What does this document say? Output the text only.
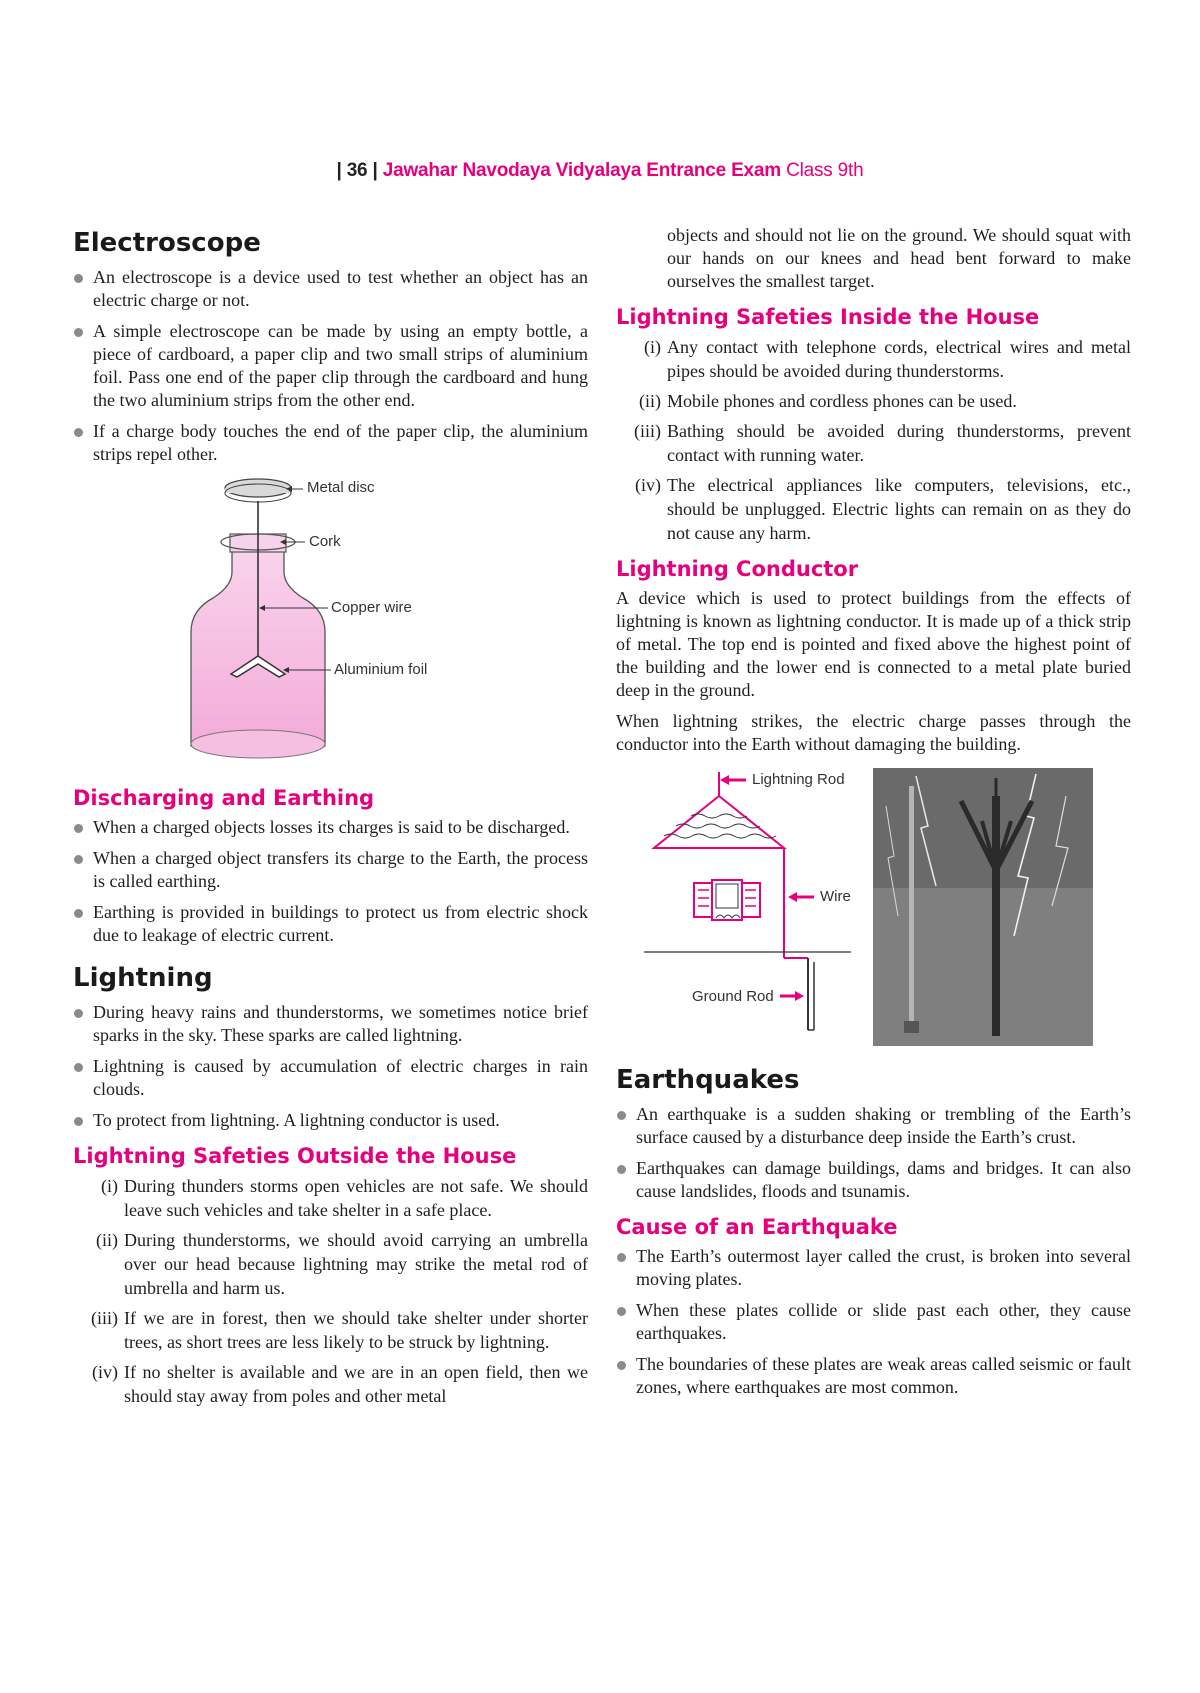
| 36 | Jawahar Navodaya Vidyalaya Entrance Exam Class 9th
Electroscope
An electroscope is a device used to test whether an object has an electric charge or not.
A simple electroscope can be made by using an empty bottle, a piece of cardboard, a paper clip and two small strips of aluminium foil. Pass one end of the paper clip through the cardboard and hung the two aluminium strips from the other end.
If a charge body touches the end of the paper clip, the aluminium strips repel other.
Metal disc
Cork
Copper wire
Aluminium foil
Discharging and Earthing
When a charged objects losses its charges is said to be discharged.
When a charged object transfers its charge to the Earth, the process is called earthing.
Earthing is provided in buildings to protect us from electric shock due to leakage of electric current.
Lightning
During heavy rains and thunderstorms, we sometimes notice brief sparks in the sky. These sparks are called lightning.
Lightning is caused by accumulation of electric charges in rain clouds.
To protect from lightning. A lightning conductor is used.
Lightning Safeties Outside the House
(i) During thunders storms open vehicles are not safe. We should leave such vehicles and take shelter in a safe place.
(ii) During thunderstorms, we should avoid carrying an umbrella over our head because lightning may strike the metal rod of umbrella and harm us.
(iii) If we are in forest, then we should take shelter under shorter trees, as short trees are less likely to be struck by lightning.
(iv) If no shelter is available and we are in an open field, then we should stay away from poles and other metal

objects and should not lie on the ground. We should squat with our hands on our knees and head bent forward to make ourselves the smallest target.

Lightning Safeties Inside the House
(i) Any contact with telephone cords, electrical wires and metal pipes should be avoided during thunderstorms.
(ii) Mobile phones and cordless phones can be used.
(iii) Bathing should be avoided during thunderstorms, prevent contact with running water.
(iv) The electrical appliances like computers, televisions, etc., should be unplugged. Electric lights can remain on as they do not cause any harm.
Lightning Conductor

A device which is used to protect buildings from the effects of lightning is known as lightning conductor. It is made up of a thick strip of metal. The top end is pointed and fixed above the highest point of the building and the lower end is connected to a metal plate buried deep in the ground.

When lightning strikes, the electric charge passes through the conductor into the Earth without damaging the building.

Lightning Rod
Wire
Ground Rod
Earthquakes
An earthquake is a sudden shaking or trembling of the Earth’s surface caused by a disturbance deep inside the Earth’s crust.
Earthquakes can damage buildings, dams and bridges. It can also cause landslides, floods and tsunamis.
Cause of an Earthquake
The Earth’s outermost layer called the crust, is broken into several moving plates.
When these plates collide or slide past each other, they cause earthquakes.
The boundaries of these plates are weak areas called seismic or fault zones, where earthquakes are most common.
